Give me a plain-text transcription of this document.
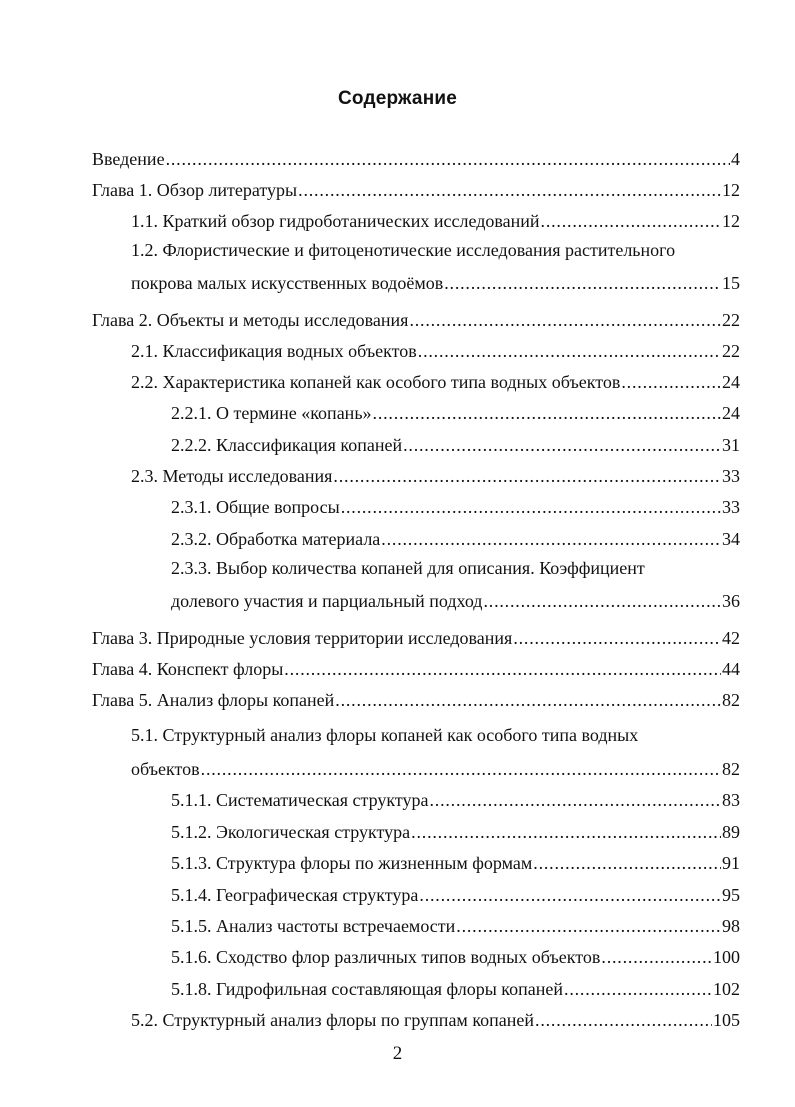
Содержание
Введение .....	4
Глава 1. Обзор литературы .....	12
1.1. Краткий обзор гидроботанических исследований .....	12
1.2. Флористические и фитоценотические исследования растительного
покрова малых искусственных водоёмов .....	15
Глава 2. Объекты и методы исследования .....	22
2.1. Классификация водных объектов .....	22
2.2. Характеристика копаней как особого типа водных объектов .....	24
2.2.1. О термине «копань» .....	24
2.2.2. Классификация копаней .....	31
2.3. Методы исследования .....	33
2.3.1. Общие вопросы .....	33
2.3.2. Обработка материала .....	34
2.3.3. Выбор количества копаней для описания. Коэффициент
долевого участия и парциальный подход .....	36
Глава 3. Природные условия территории исследования .....	42
Глава 4. Конспект флоры .....	44
Глава 5. Анализ флоры копаней .....	82
5.1. Структурный анализ флоры копаней как особого типа водных
объектов .....	82
5.1.1. Систематическая структура .....	83
5.1.2. Экологическая структура .....	89
5.1.3. Структура флоры по жизненным формам .....	91
5.1.4. Географическая структура .....	95
5.1.5. Анализ частоты встречаемости .....	98
5.1.6. Сходство флор различных типов водных объектов .....	100
5.1.8. Гидрофильная составляющая флоры копаней .....	102
5.2. Структурный анализ флоры по группам копаней .....	105
2
